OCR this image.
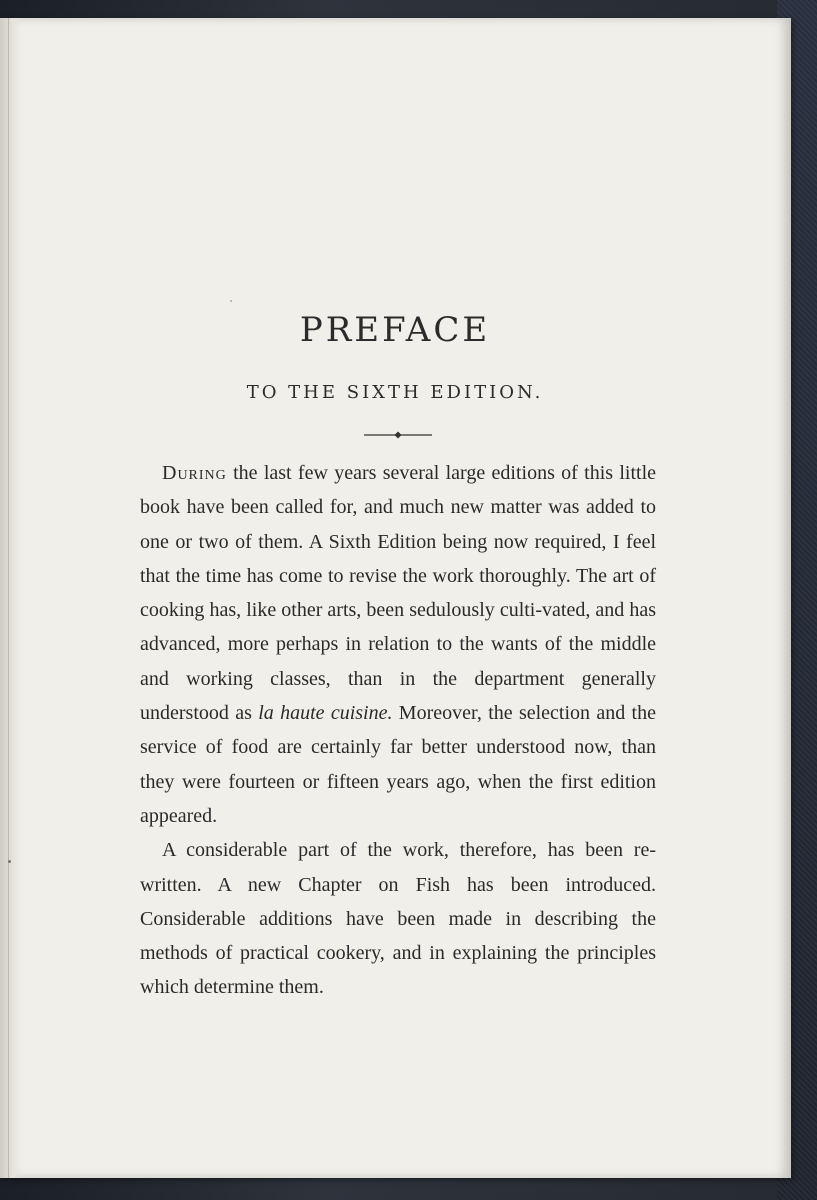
PREFACE
TO THE SIXTH EDITION.

During the last few years several large editions of this little book have been called for, and much new matter was added to one or two of them. A Sixth Edition being now required, I feel that the time has come to revise the work thoroughly. The art of cooking has, like other arts, been sedulously culti-vated, and has advanced, more perhaps in relation to the wants of the middle and working classes, than in the department generally understood as la haute cuisine. Moreover, the selection and the service of food are certainly far better understood now, than they were fourteen or fifteen years ago, when the first edition appeared.

A considerable part of the work, therefore, has been re-written. A new Chapter on Fish has been introduced. Considerable additions have been made in describing the methods of practical cookery, and in explaining the principles which determine them.
